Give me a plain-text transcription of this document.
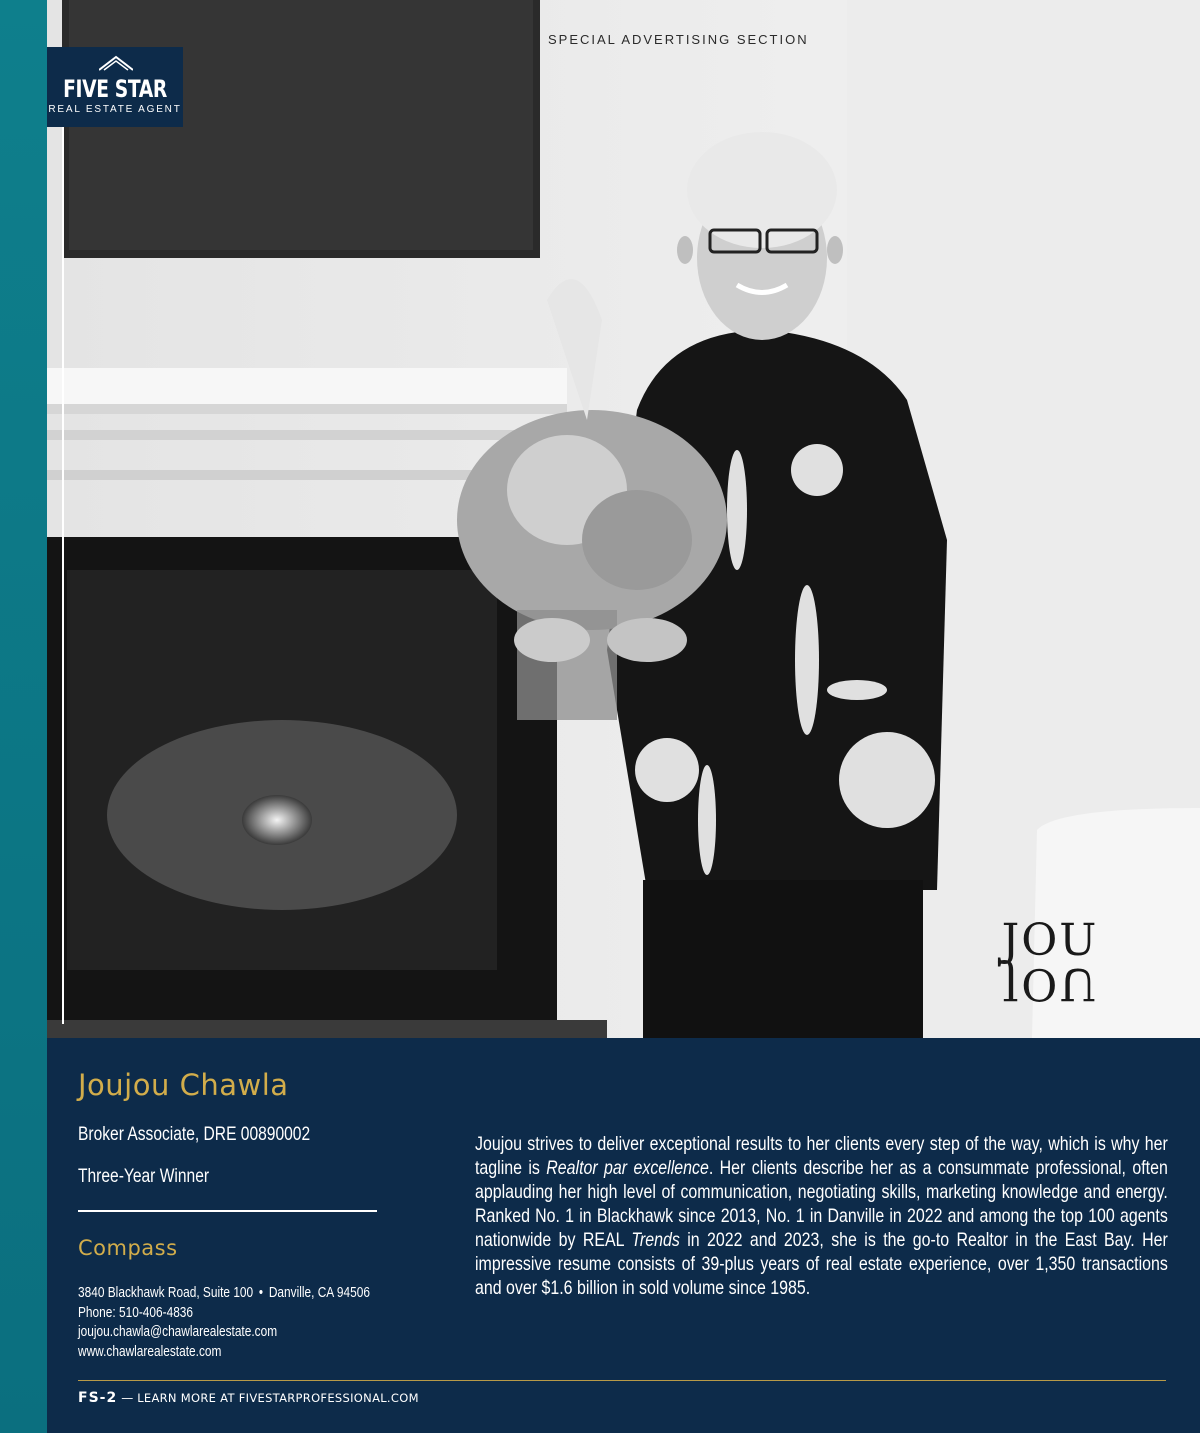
FIVE STAR
REAL ESTATE AGENT
SPECIAL ADVERTISING SECTION
JOU
JOU
Joujou Chawla
Broker Associate, DRE 00890002
Three-Year Winner
Compass
3840 Blackhawk Road, Suite 100 • Danville, CA 94506
Phone: 510-406-4836
joujou.chawla@chawlarealestate.com
www.chawlarealestate.com
Joujou strives to deliver exceptional results to her clients every step of the way, which is why her tagline is Realtor par excellence. Her clients describe her as a consummate professional, often applauding her high level of communication, negotiating skills, marketing knowledge and energy. Ranked No. 1 in Blackhawk since 2013, No. 1 in Danville in 2022 and among the top 100 agents nationwide by REAL Trends in 2022 and 2023, she is the go-to Realtor in the East Bay. Her impressive resume consists of 39-plus years of real estate experience, over 1,350 transactions and over $1.6 billion in sold volume since 1985.
FS-2 — LEARN MORE AT FIVESTARPROFESSIONAL.COM
